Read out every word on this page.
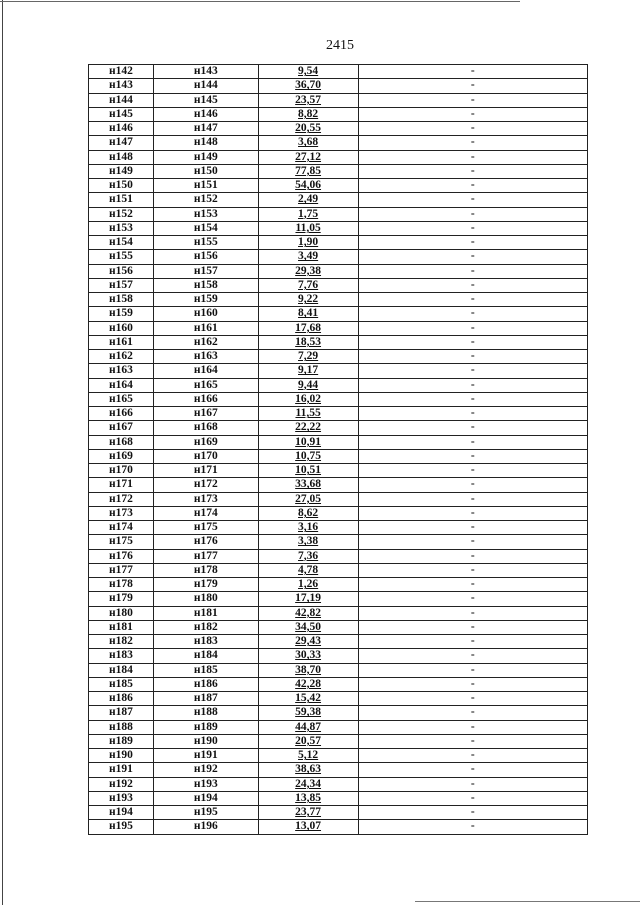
2415
н142	н143	9,54	-
н143	н144	36,70	-
н144	н145	23,57	-
н145	н146	8,82	-
н146	н147	20,55	-
н147	н148	3,68	-
н148	н149	27,12	-
н149	н150	77,85	-
н150	н151	54,06	-
н151	н152	2,49	-
н152	н153	1,75	-
н153	н154	11,05	-
н154	н155	1,90	-
н155	н156	3,49	-
н156	н157	29,38	-
н157	н158	7,76	-
н158	н159	9,22	-
н159	н160	8,41	-
н160	н161	17,68	-
н161	н162	18,53	-
н162	н163	7,29	-
н163	н164	9,17	-
н164	н165	9,44	-
н165	н166	16,02	-
н166	н167	11,55	-
н167	н168	22,22	-
н168	н169	10,91	-
н169	н170	10,75	-
н170	н171	10,51	-
н171	н172	33,68	-
н172	н173	27,05	-
н173	н174	8,62	-
н174	н175	3,16	-
н175	н176	3,38	-
н176	н177	7,36	-
н177	н178	4,78	-
н178	н179	1,26	-
н179	н180	17,19	-
н180	н181	42,82	-
н181	н182	34,50	-
н182	н183	29,43	-
н183	н184	30,33	-
н184	н185	38,70	-
н185	н186	42,28	-
н186	н187	15,42	-
н187	н188	59,38	-
н188	н189	44,87	-
н189	н190	20,57	-
н190	н191	5,12	-
н191	н192	38,63	-
н192	н193	24,34	-
н193	н194	13,85	-
н194	н195	23,77	-
н195	н196	13,07	-
